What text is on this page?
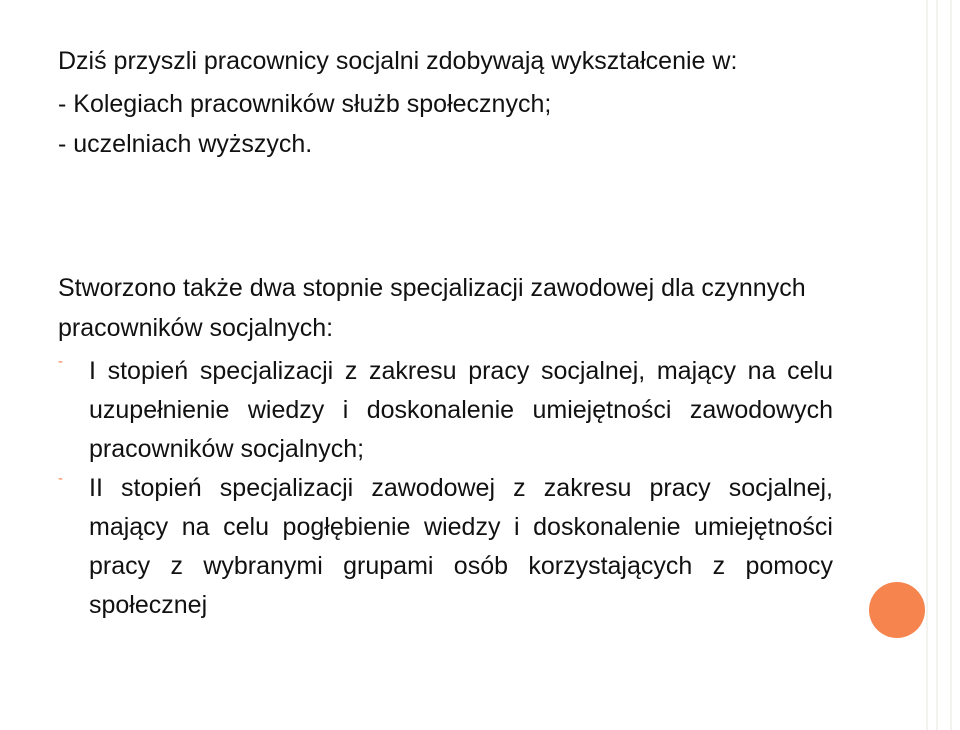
Dziś przyszli pracownicy socjalni zdobywają wykształcenie w:

- Kolegiach pracowników służb społecznych;

- uczelniach wyższych.

Stworzono także dwa stopnie specjalizacji zawodowej dla czynnych pracowników socjalnych:

- I stopień specjalizacji z zakresu pracy socjalnej, mający na celu uzupełnienie wiedzy i doskonalenie umiejętności zawodowych pracowników socjalnych;
- II stopień specjalizacji zawodowej z zakresu pracy socjalnej, mający na celu pogłębienie wiedzy i doskonalenie umiejętności pracy z wybranymi grupami osób korzystających z pomocy społecznej
